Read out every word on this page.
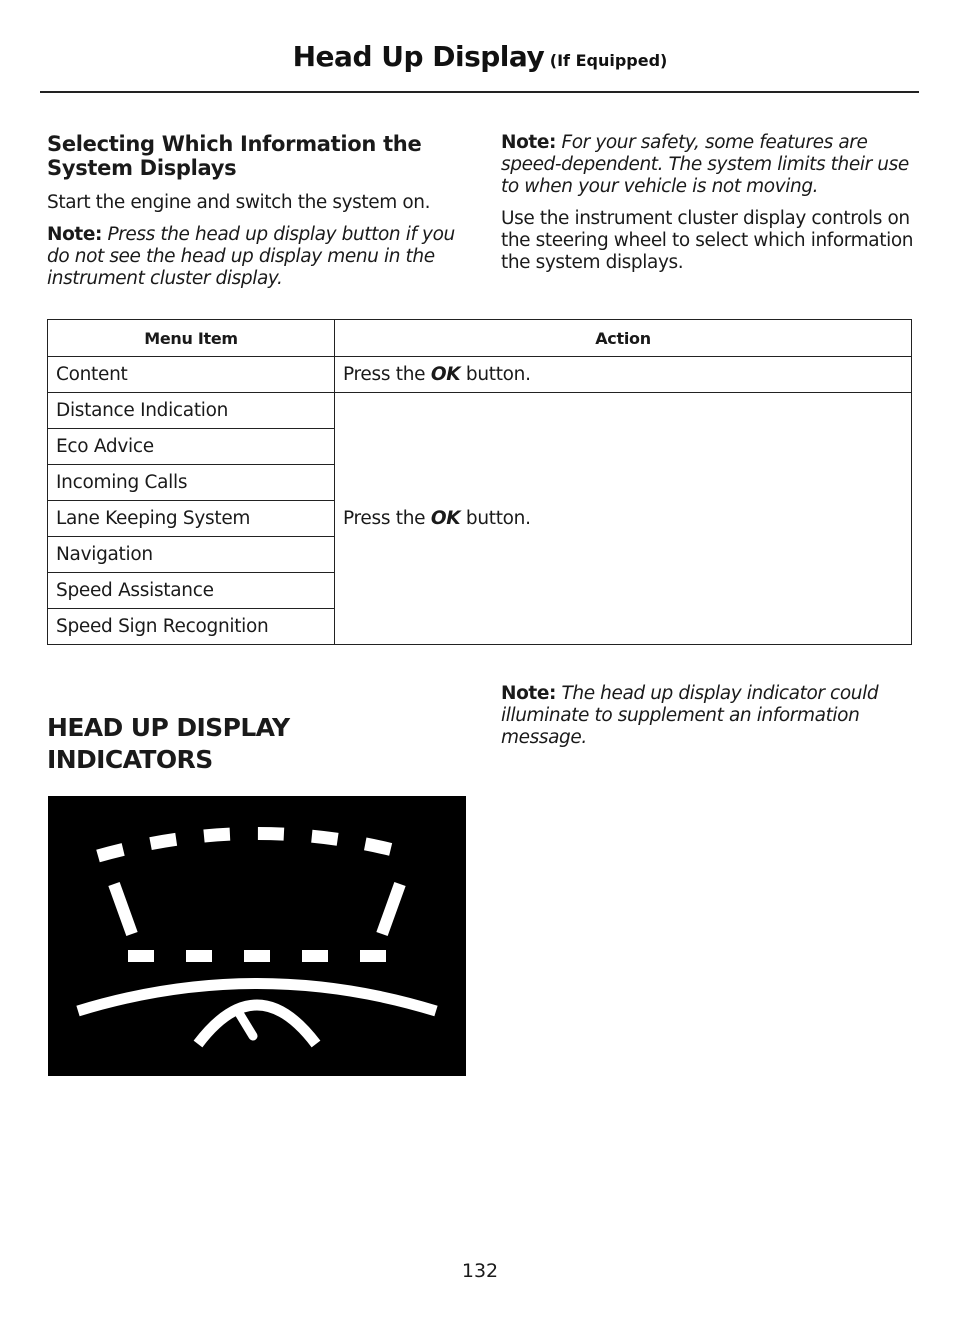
Head Up Display (If Equipped)
Selecting Which Information the System Displays

Start the engine and switch the system on.

Note: Press the head up display button if you do not see the head up display menu in the instrument cluster display.

Note: For your safety, some features are speed-dependent. The system limits their use to when your vehicle is not moving.

Use the instrument cluster display controls on the steering wheel to select which information the system displays.

Menu Item	Action
Content	Press the OK button.
Distance Indication	Press the OK button.
Eco Advice	
Incoming Calls	
Lane Keeping System	
Navigation	
Speed Assistance	
Speed Sign Recognition	
HEAD UP DISPLAY
INDICATORS

Note: The head up display indicator could illuminate to supplement an information message.

132
